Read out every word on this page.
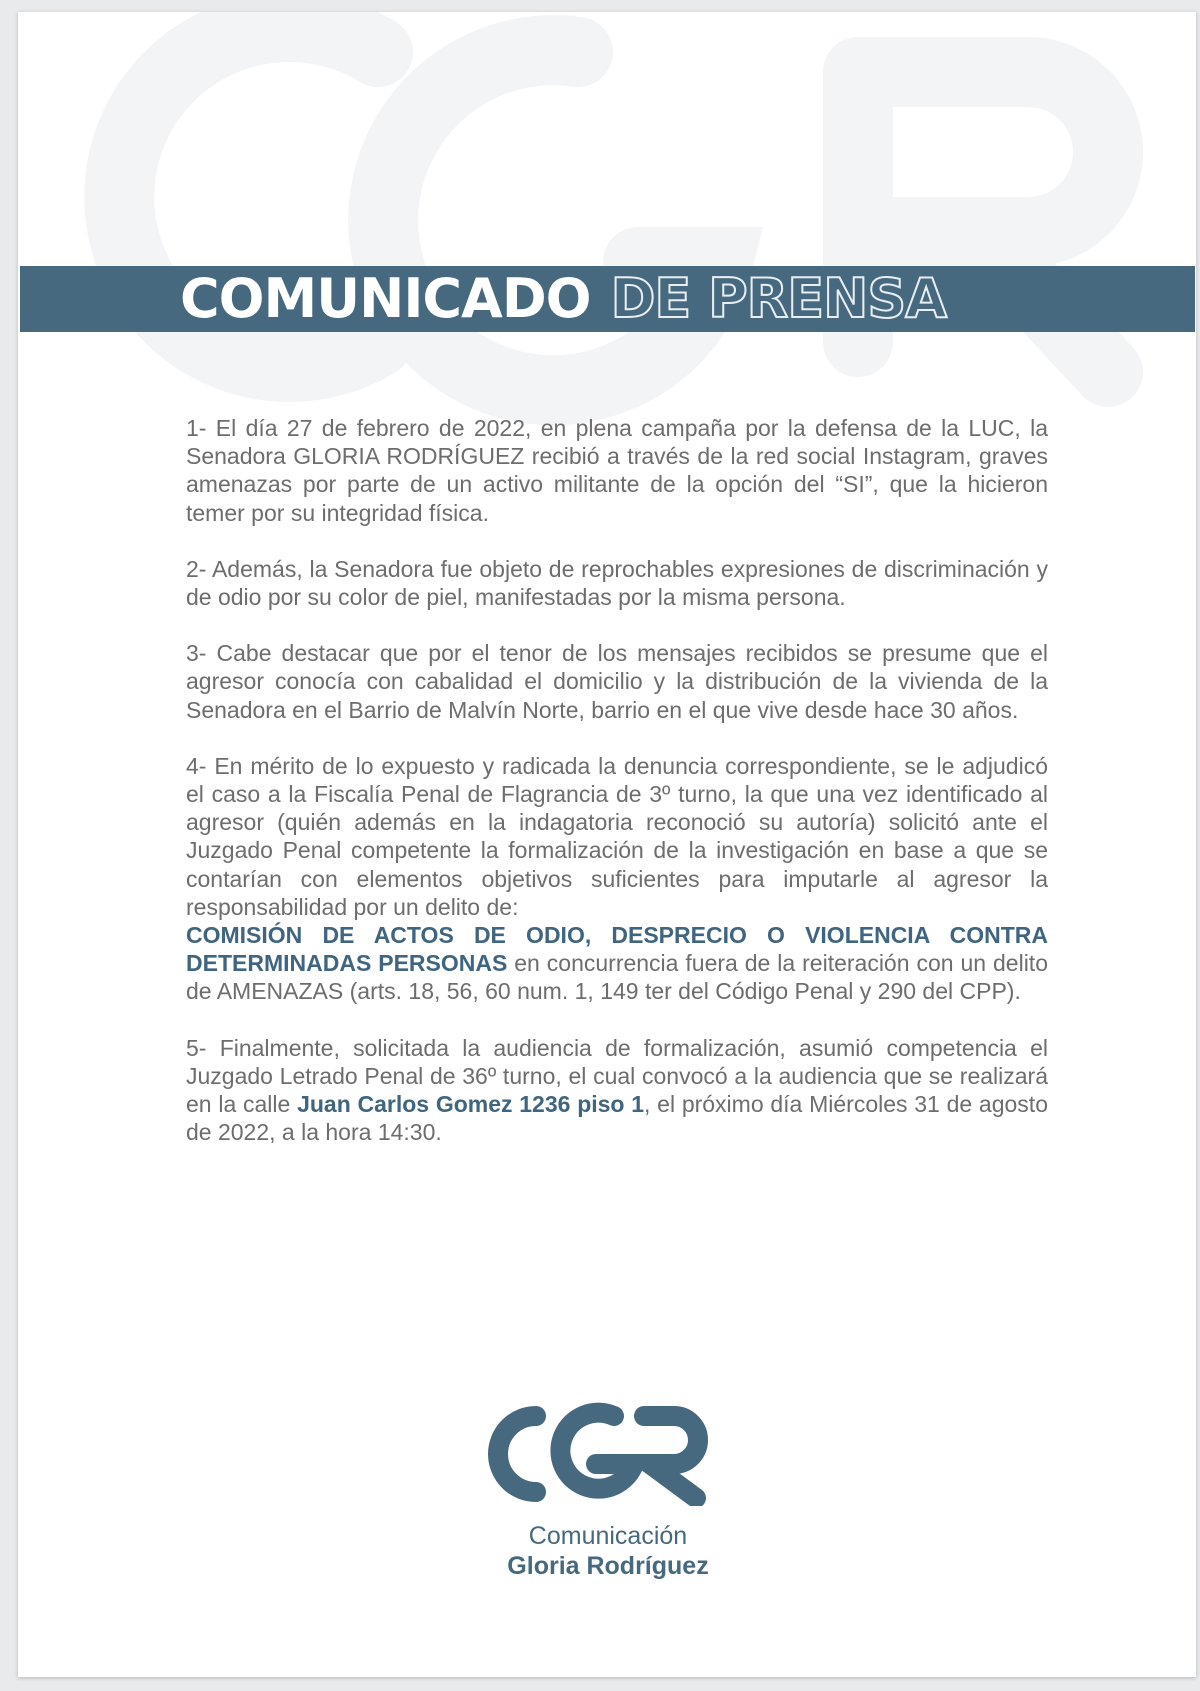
COMUNICADO DE PRENSA

1- El día 27 de febrero de 2022, en plena campaña por la defensa de la LUC, la Senadora GLORIA RODRÍGUEZ recibió a través de la red social Instagram, graves amenazas por parte de un activo militante de la opción del “SI”, que la hicieron temer por su integridad física.

2- Además, la Senadora fue objeto de reprochables expresiones de discriminación y de odio por su color de piel, manifestadas por la misma persona.

3- Cabe destacar que por el tenor de los mensajes recibidos se presume que el agresor conocía con cabalidad el domicilio y la distribución de la vivienda de la Senadora en el Barrio de Malvín Norte, barrio en el que vive desde hace 30 años.

4- En mérito de lo expuesto y radicada la denuncia correspondiente, se le adjudicó el caso a la Fiscalía Penal de Flagrancia de 3º turno, la que una vez identificado al agresor (quién además en la indagatoria reconoció su autoría) solicitó ante el Juzgado Penal competente la formalización de la investigación en base a que se contarían con elementos objetivos suficientes para imputarle al agresor la responsabilidad por un delito de:
COMISIÓN DE ACTOS DE ODIO, DESPRECIO O VIOLENCIA CONTRA DETERMINADAS PERSONAS en concurrencia fuera de la reiteración con un delito de AMENAZAS (arts. 18, 56, 60 num. 1, 149 ter del Código Penal y 290 del CPP).

5- Finalmente, solicitada la audiencia de formalización, asumió competencia el Juzgado Letrado Penal de 36º turno, el cual convocó a la audiencia que se realizará en la calle Juan Carlos Gomez 1236 piso 1, el próximo día Miércoles 31 de agosto de 2022, a la hora 14:30.

Comunicación
Gloria Rodríguez
